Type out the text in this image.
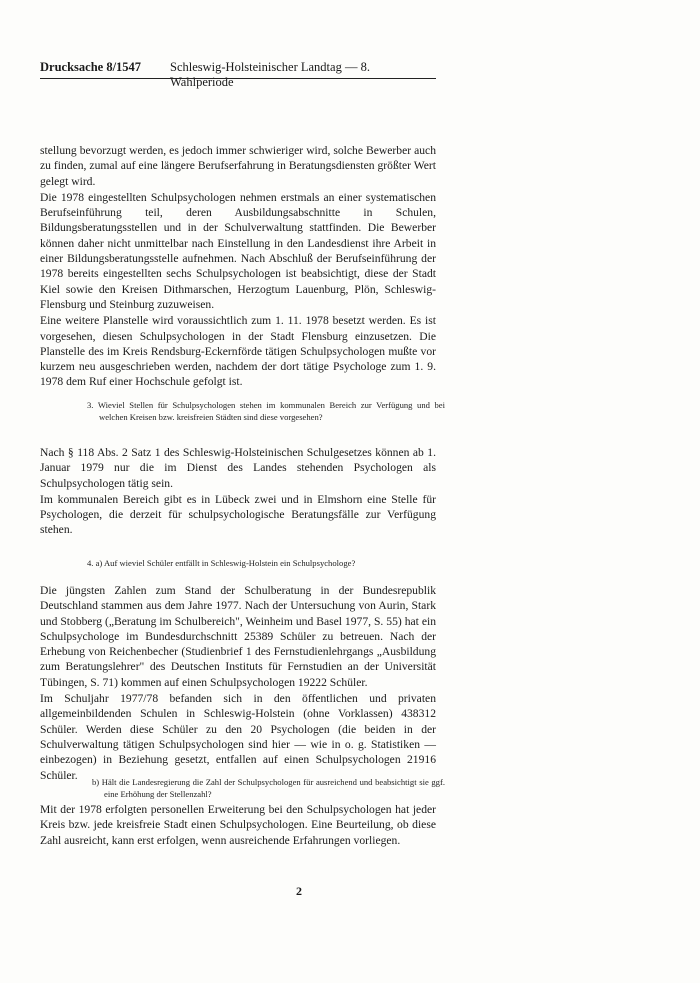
Drucksache 8/1547 Schleswig-Holsteinischer Landtag — 8. Wahlperiode

stellung bevorzugt werden, es jedoch immer schwieriger wird, solche Bewerber auch zu finden, zumal auf eine längere Berufserfahrung in Beratungsdiensten größter Wert gelegt wird.

Die 1978 eingestellten Schulpsychologen nehmen erstmals an einer systematischen Berufseinführung teil, deren Ausbildungsabschnitte in Schulen, Bildungsberatungsstellen und in der Schulverwaltung stattfinden. Die Bewerber können daher nicht unmittelbar nach Einstellung in den Landesdienst ihre Arbeit in einer Bildungsberatungsstelle aufnehmen. Nach Abschluß der Berufseinführung der 1978 bereits eingestellten sechs Schulpsychologen ist beabsichtigt, diese der Stadt Kiel sowie den Kreisen Dithmarschen, Herzogtum Lauenburg, Plön, Schleswig-Flensburg und Steinburg zuzuweisen.

Eine weitere Planstelle wird voraussichtlich zum 1. 11. 1978 besetzt werden. Es ist vorgesehen, diesen Schulpsychologen in der Stadt Flensburg einzusetzen. Die Planstelle des im Kreis Rendsburg-Eckernförde tätigen Schulpsychologen mußte vor kurzem neu ausgeschrieben werden, nachdem der dort tätige Psychologe zum 1. 9. 1978 dem Ruf einer Hochschule gefolgt ist.

3. Wieviel Stellen für Schulpsychologen stehen im kommunalen Bereich zur Verfügung und bei welchen Kreisen bzw. kreisfreien Städten sind diese vorgesehen?

Nach § 118 Abs. 2 Satz 1 des Schleswig-Holsteinischen Schulgesetzes können ab 1. Januar 1979 nur die im Dienst des Landes stehenden Psychologen als Schulpsychologen tätig sein.

Im kommunalen Bereich gibt es in Lübeck zwei und in Elmshorn eine Stelle für Psychologen, die derzeit für schulpsychologische Beratungsfälle zur Verfügung stehen.

4. a) Auf wieviel Schüler entfällt in Schleswig-Holstein ein Schulpsychologe?

Die jüngsten Zahlen zum Stand der Schulberatung in der Bundesrepublik Deutschland stammen aus dem Jahre 1977. Nach der Untersuchung von Aurin, Stark und Stobberg („Beratung im Schulbereich", Weinheim und Basel 1977, S. 55) hat ein Schulpsychologe im Bundesdurchschnitt 25389 Schüler zu betreuen. Nach der Erhebung von Reichenbecher (Studienbrief 1 des Fernstudienlehrgangs „Ausbildung zum Beratungslehrer" des Deutschen Instituts für Fernstudien an der Universität Tübingen, S. 71) kommen auf einen Schulpsychologen 19222 Schüler.

Im Schuljahr 1977/78 befanden sich in den öffentlichen und privaten allgemeinbildenden Schulen in Schleswig-Holstein (ohne Vorklassen) 438312 Schüler. Werden diese Schüler zu den 20 Psychologen (die beiden in der Schulverwaltung tätigen Schulpsychologen sind hier — wie in o. g. Statistiken — einbezogen) in Beziehung gesetzt, entfallen auf einen Schulpsychologen 21916 Schüler.

b) Hält die Landesregierung die Zahl der Schulpsychologen für ausreichend und beabsichtigt sie ggf. eine Erhöhung der Stellenzahl?

Mit der 1978 erfolgten personellen Erweiterung bei den Schulpsychologen hat jeder Kreis bzw. jede kreisfreie Stadt einen Schulpsychologen. Eine Beurteilung, ob diese Zahl ausreicht, kann erst erfolgen, wenn ausreichende Erfahrungen vorliegen.

2
